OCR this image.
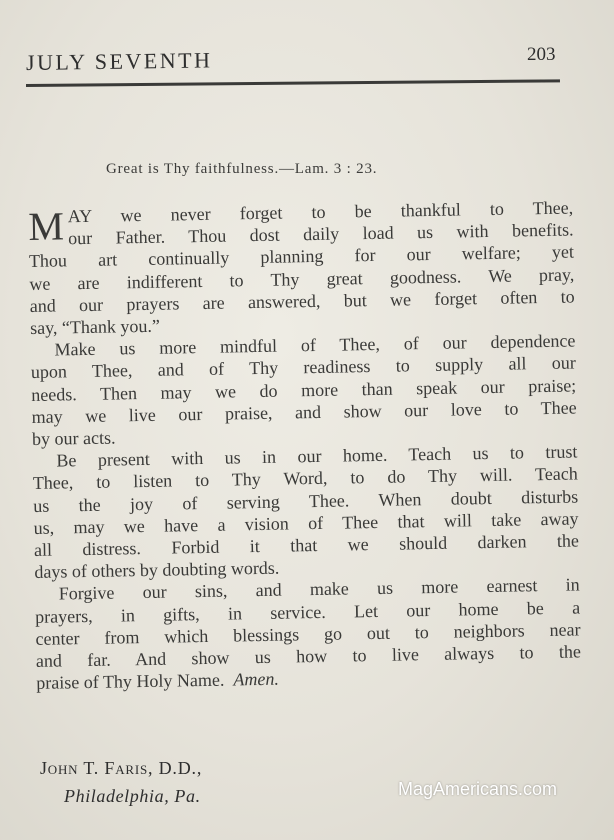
JULY SEVENTH	203
Great is Thy faithfulness.—Lam. 3 : 23.

M AY we never forget to be thankful to Thee,
our Father. Thou dost daily load us with benefits.
Thou art continually planning for our welfare; yet
we are indifferent to Thy great goodness. We pray,
and our prayers are answered, but we forget often to
say, “Thank you.”

Make us more mindful of Thee, of our dependence

upon Thee, and of Thy readiness to supply all our
needs. Then may we do more than speak our praise;
may we live our praise, and show our love to Thee
by our acts.

Be present with us in our home. Teach us to trust

Thee, to listen to Thy Word, to do Thy will. Teach
us the joy of serving Thee. When doubt disturbs
us, may we have a vision of Thee that will take away
all distress. Forbid it that we should darken the
days of others by doubting words.

Forgive our sins, and make us more earnest in

prayers, in gifts, in service. Let our home be a
center from which blessings go out to neighbors near
and far. And show us how to live always to the
praise of Thy Holy Name. Amen.

John T. Faris, D.D.,
Philadelphia, Pa.	MagAmericans.com
